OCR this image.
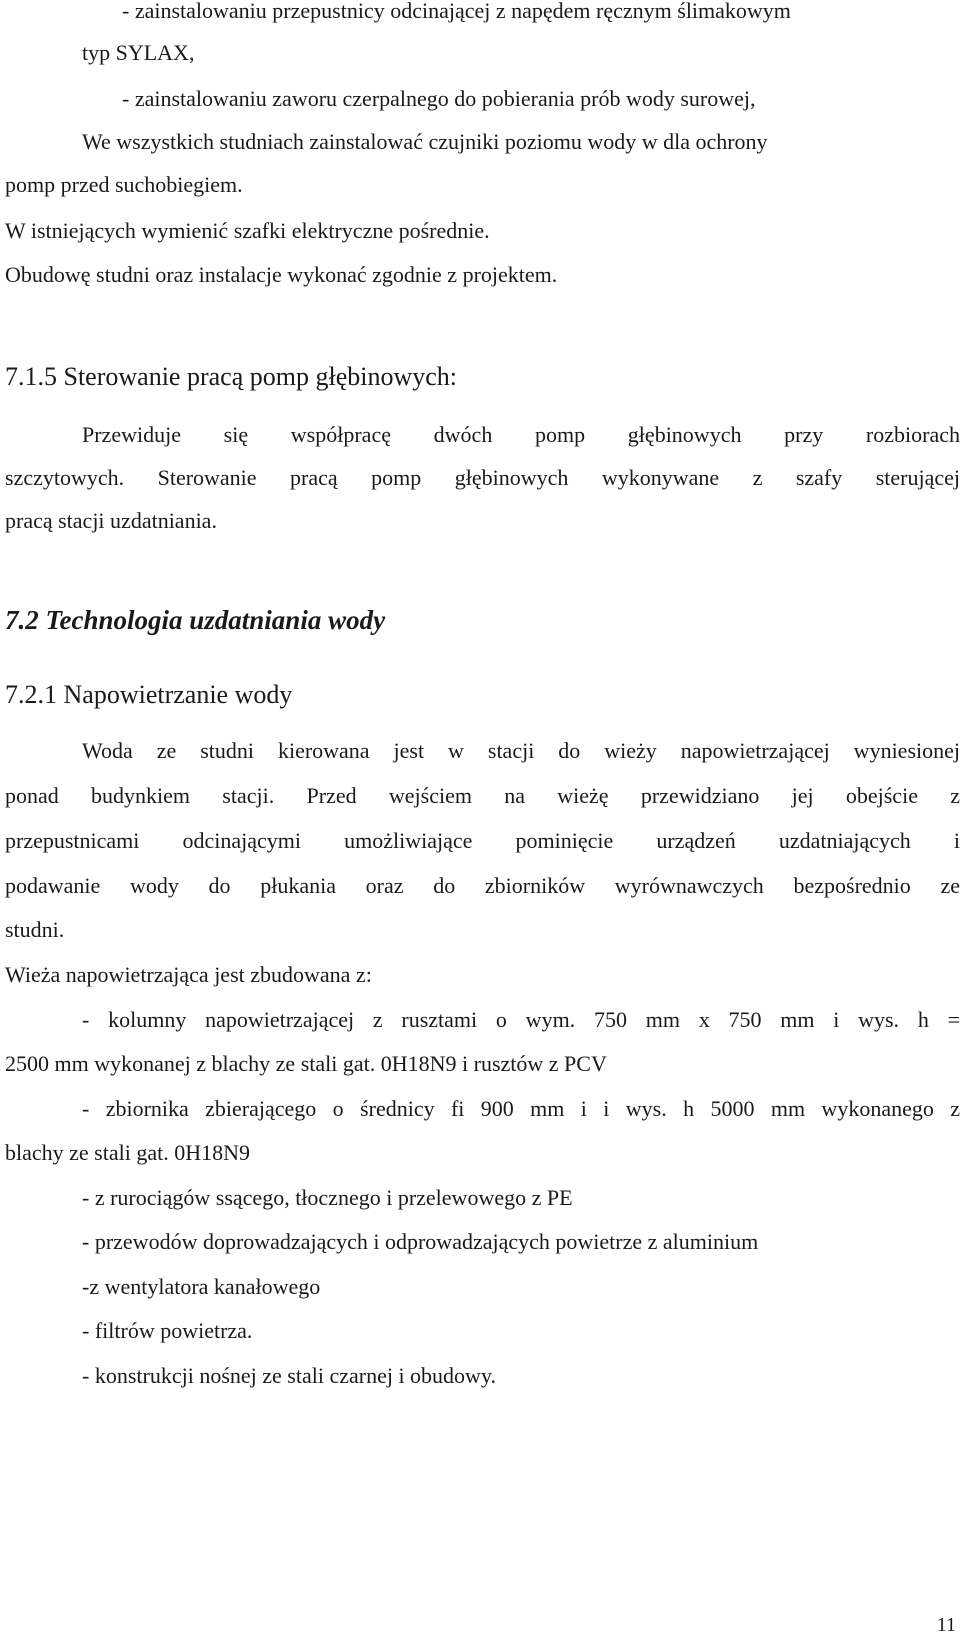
- zainstalowaniu przepustnicy odcinającej z napędem ręcznym ślimakowym
typ SYLAX,
- zainstalowaniu zaworu czerpalnego do pobierania prób wody surowej,
We wszystkich studniach zainstalować czujniki poziomu wody w dla ochrony
pomp przed suchobiegiem.
W istniejących wymienić szafki elektryczne pośrednie.
Obudowę studni oraz instalacje wykonać zgodnie z projektem.
7.1.5 Sterowanie pracą pomp głębinowych:
Przewiduje się współpracę dwóch pomp głębinowych przy rozbiorach
szczytowych. Sterowanie pracą pomp głębinowych wykonywane z szafy sterującej
pracą stacji uzdatniania.
7.2 Technologia uzdatniania wody
7.2.1 Napowietrzanie wody
Woda ze studni kierowana jest w stacji do wieży napowietrzającej wyniesionej
ponad budynkiem stacji. Przed wejściem na wieżę przewidziano jej obejście z
przepustnicami odcinającymi umożliwiające pominięcie urządzeń uzdatniających i
podawanie wody do płukania oraz do zbiorników wyrównawczych bezpośrednio ze
studni.
Wieża napowietrzająca jest zbudowana z:
- kolumny napowietrzającej z rusztami o wym. 750 mm x 750 mm i wys. h =
2500 mm wykonanej z blachy ze stali gat. 0H18N9 i rusztów z PCV
- zbiornika zbierającego o średnicy fi 900 mm i i wys. h 5000 mm wykonanego z
blachy ze stali gat. 0H18N9
- z rurociągów ssącego, tłocznego i przelewowego z PE
- przewodów doprowadzających i odprowadzających powietrze z aluminium
-z wentylatora kanałowego
- filtrów powietrza.
- konstrukcji nośnej ze stali czarnej i obudowy.
11
